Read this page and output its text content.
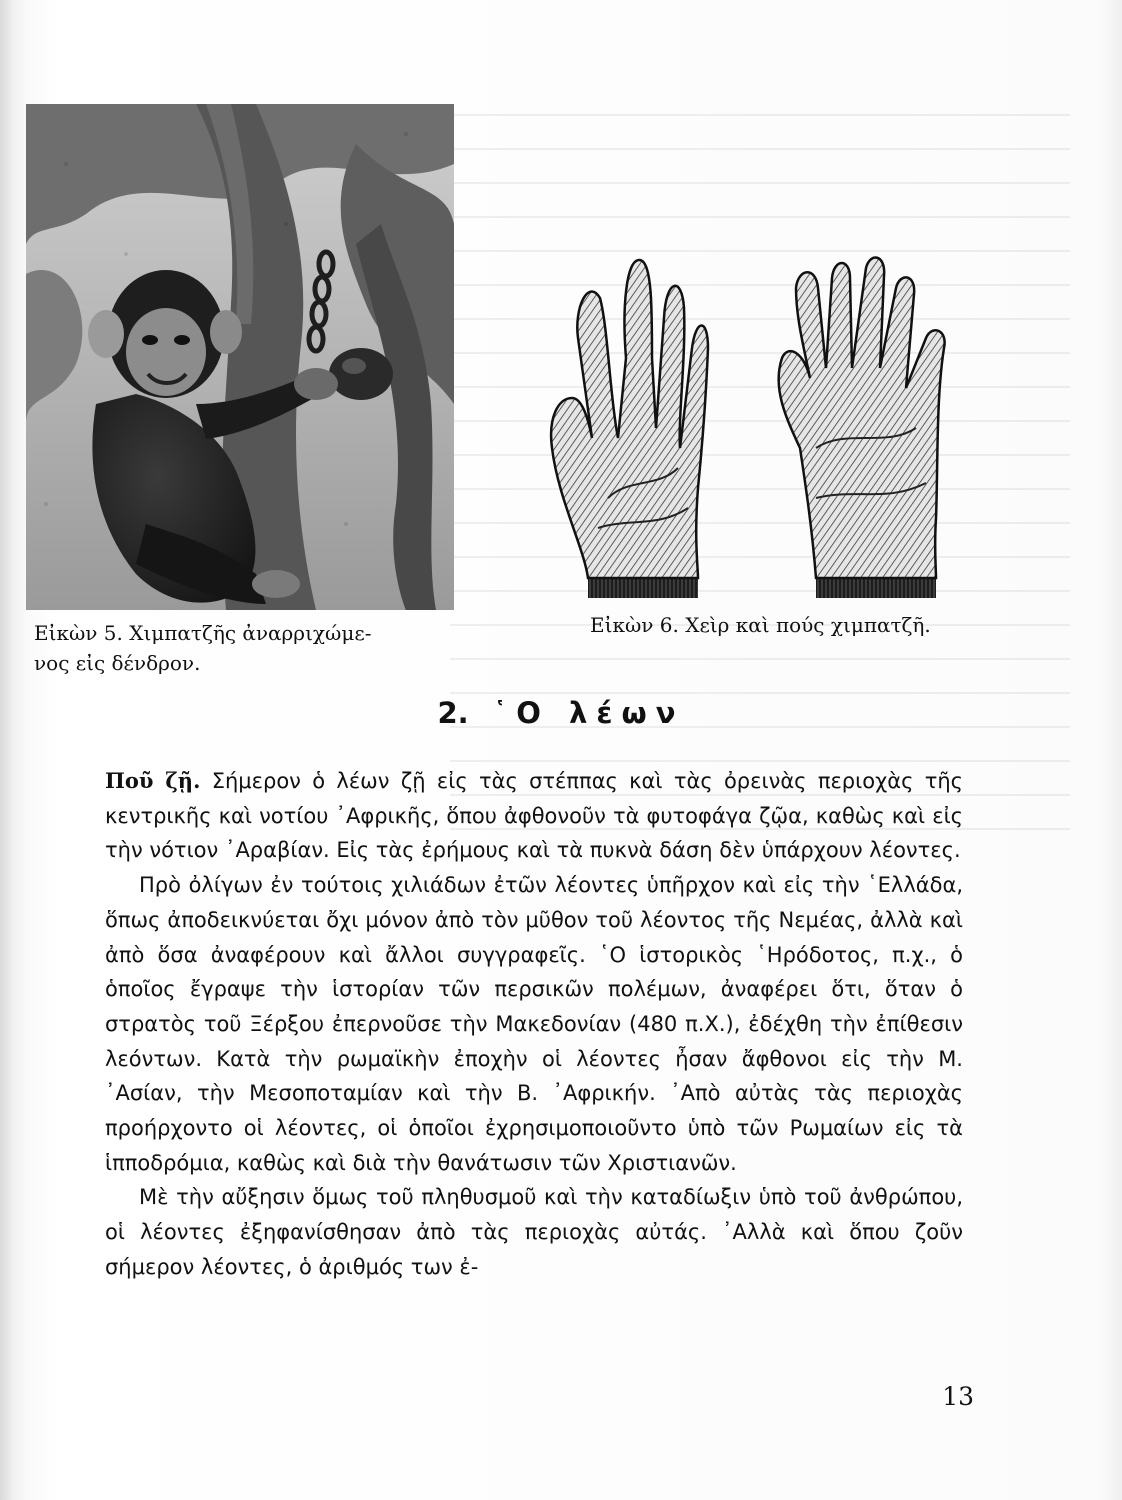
Εἰκὼν 5. Χιμπατζῆς ἀναρριχώμε-
νος εἰς δένδρον.
Εἰκὼν 6. Χεὶρ καὶ πούς χιμπατζῆ.
2. ῾Ο λέων

Ποῦ ζῇ. Σήμερον ὁ λέων ζῇ εἰς τὰς στέππας καὶ τὰς ὀρεινὰς περιοχὰς τῆς κεντρικῆς καὶ νοτίου ᾿Αφρικῆς, ὅπου ἀφθονοῦν τὰ φυτοφάγα ζῷα, καθὼς καὶ εἰς τὴν νότιον ᾿Αραβίαν. Εἰς τὰς ἐρήμους καὶ τὰ πυκνὰ δάση δὲν ὑπάρχουν λέοντες.

Πρὸ ὀλίγων ἐν τούτοις χιλιάδων ἐτῶν λέοντες ὑπῆρχον καὶ εἰς τὴν ῾Ελλάδα, ὅπως ἀποδεικνύεται ὄχι μόνον ἀπὸ τὸν μῦθον τοῦ λέοντος τῆς Νεμέας, ἀλλὰ καὶ ἀπὸ ὅσα ἀναφέρουν καὶ ἄλλοι συγγραφεῖς. ῾Ο ἱστορικὸς ῾Ηρόδοτος, π.χ., ὁ ὁποῖος ἔγραψε τὴν ἱστορίαν τῶν περσικῶν πολέμων, ἀναφέρει ὅτι, ὅταν ὁ στρατὸς τοῦ Ξέρξου ἐπερνοῦσε τὴν Μακεδονίαν (480 π.Χ.), ἐδέχθη τὴν ἐπίθεσιν λεόντων. Κατὰ τὴν ρωμαϊκὴν ἐποχὴν οἱ λέοντες ἦσαν ἄφθονοι εἰς τὴν Μ. ᾿Ασίαν, τὴν Μεσοποταμίαν καὶ τὴν Β. ᾿Αφρικήν. ᾿Απὸ αὐτὰς τὰς περιοχὰς προήρχοντο οἱ λέοντες, οἱ ὁποῖοι ἐχρησιμοποιοῦντο ὑπὸ τῶν Ρωμαίων εἰς τὰ ἱπποδρόμια, καθὼς καὶ διὰ τὴν θανάτωσιν τῶν Χριστιανῶν.

Μὲ τὴν αὔξησιν ὅμως τοῦ πληθυσμοῦ καὶ τὴν καταδίωξιν ὑπὸ τοῦ ἀνθρώπου, οἱ λέοντες ἐξηφανίσθησαν ἀπὸ τὰς περιοχὰς αὐτάς. ᾿Αλλὰ καὶ ὅπου ζοῦν σήμερον λέοντες, ὁ ἀριθμός των ἐ-

13
